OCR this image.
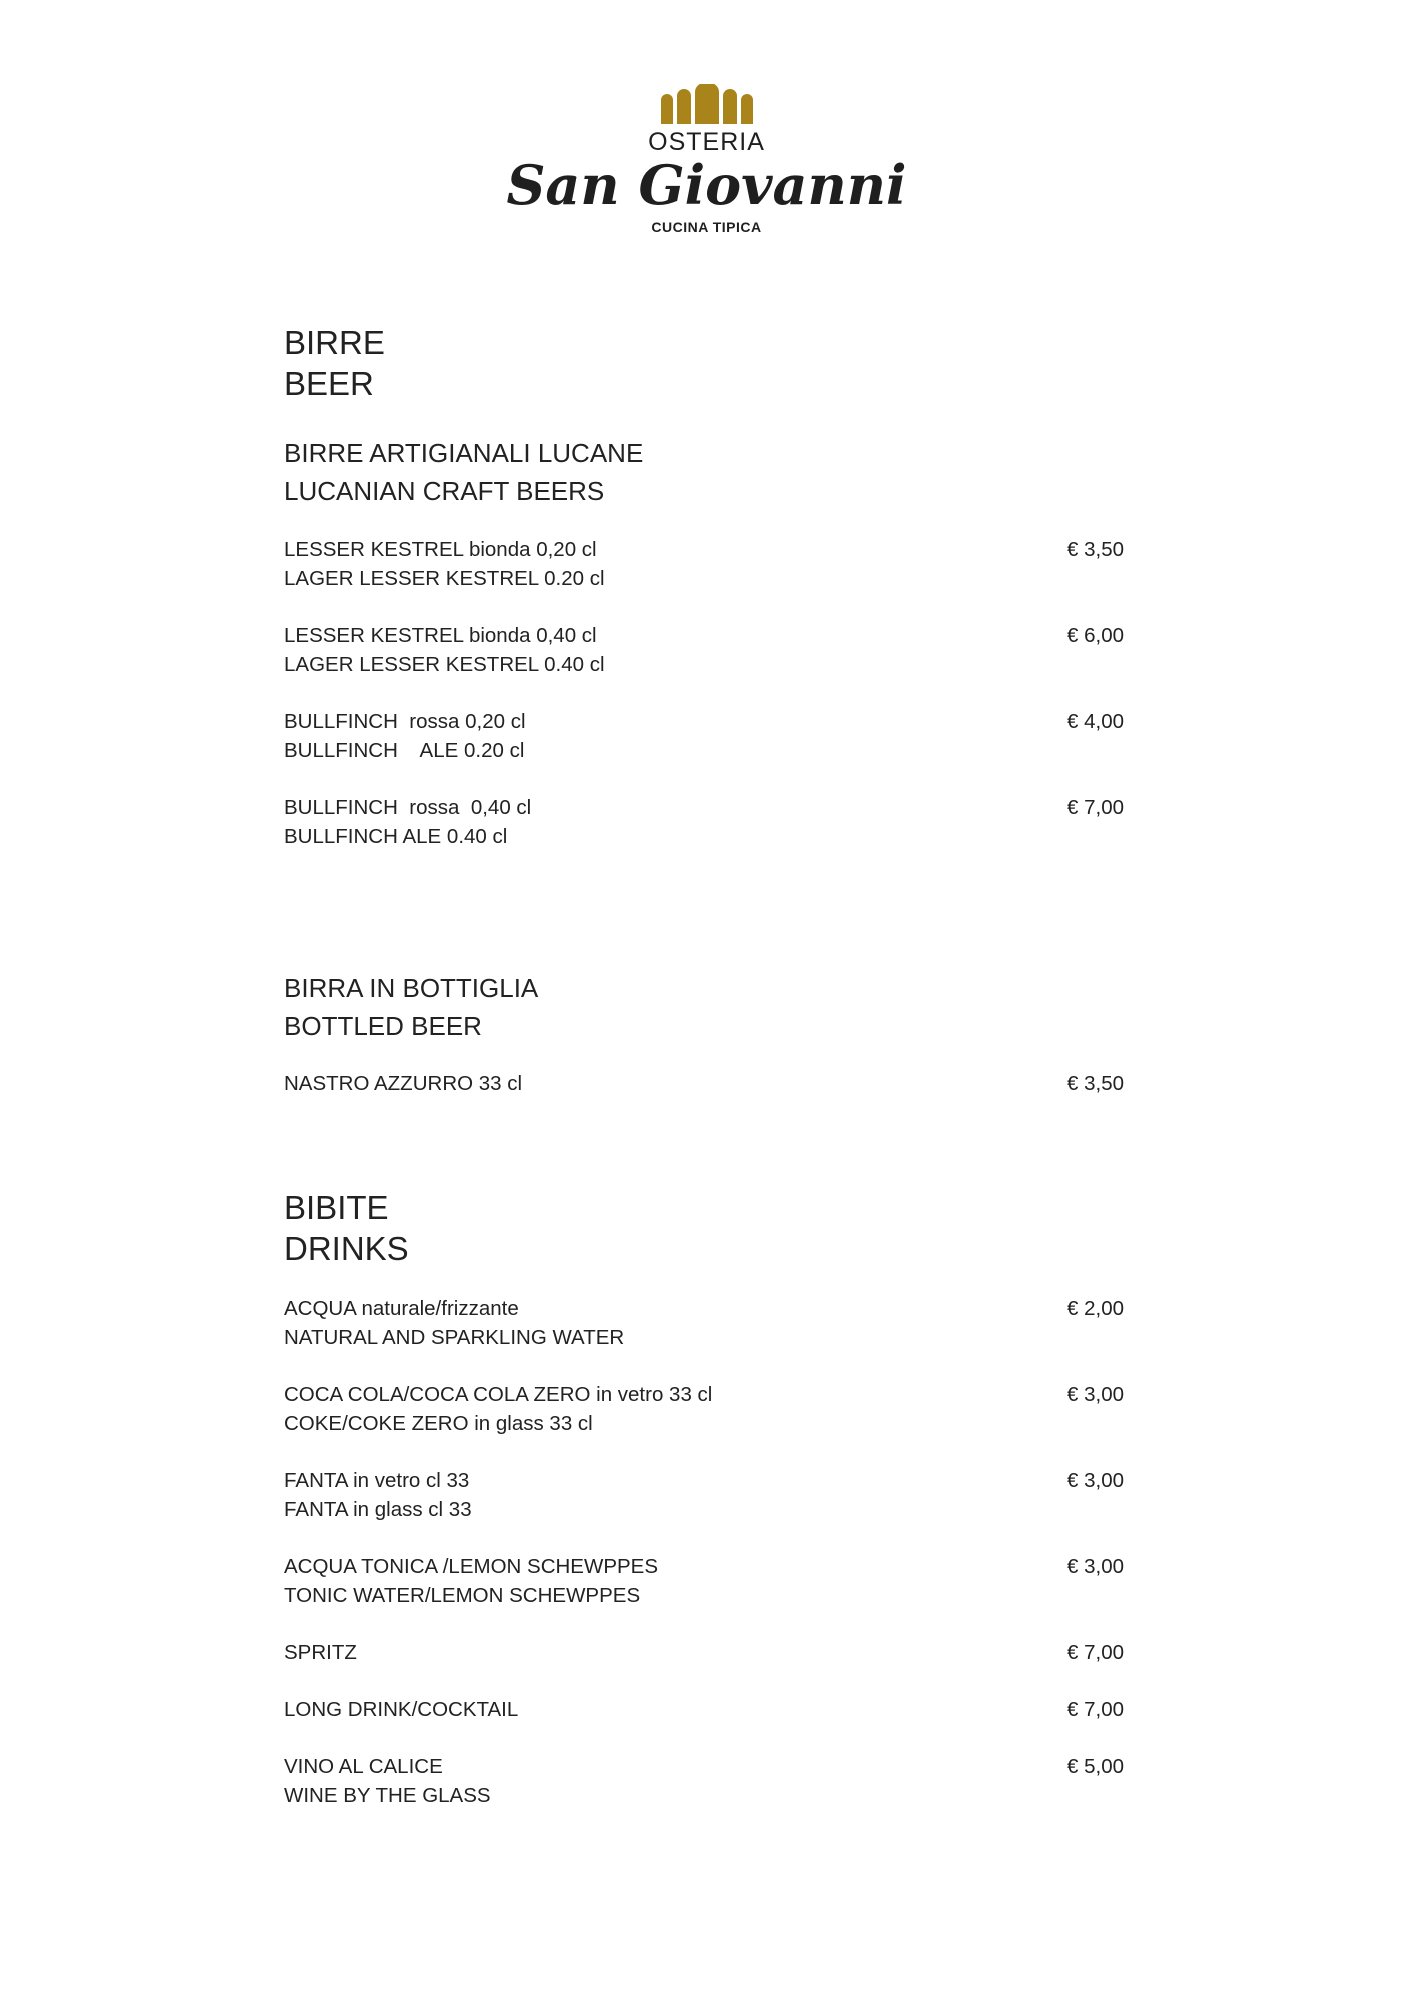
OSTERIA
San Giovanni
CUCINA TIPICA
BIRRE
BEER
BIRRE ARTIGIANALI LUCANE
LUCANIAN CRAFT BEERS
LESSER KESTREL bionda 0,20 cl
LAGER LESSER KESTREL 0.20 cl
€ 3,50
LESSER KESTREL bionda 0,40 cl
LAGER LESSER KESTREL 0.40 cl
€ 6,00
BULLFINCH  rossa 0,20 cl
BULLFINCH    ALE 0.20 cl
€ 4,00
BULLFINCH  rossa  0,40 cl
BULLFINCH ALE 0.40 cl
€ 7,00
BIRRA IN BOTTIGLIA
BOTTLED BEER
NASTRO AZZURRO 33 cl	€ 3,50
BIBITE
DRINKS
ACQUA naturale/frizzante
NATURAL AND SPARKLING WATER
€ 2,00
COCA COLA/COCA COLA ZERO in vetro 33 cl
COKE/COKE ZERO in glass 33 cl
€ 3,00
FANTA in vetro cl 33
FANTA in glass cl 33
€ 3,00
ACQUA TONICA /LEMON SCHEWPPES
TONIC WATER/LEMON SCHEWPPES
€ 3,00
SPRITZ	€ 7,00
LONG DRINK/COCKTAIL	€ 7,00
VINO AL CALICE
WINE BY THE GLASS
€ 5,00
